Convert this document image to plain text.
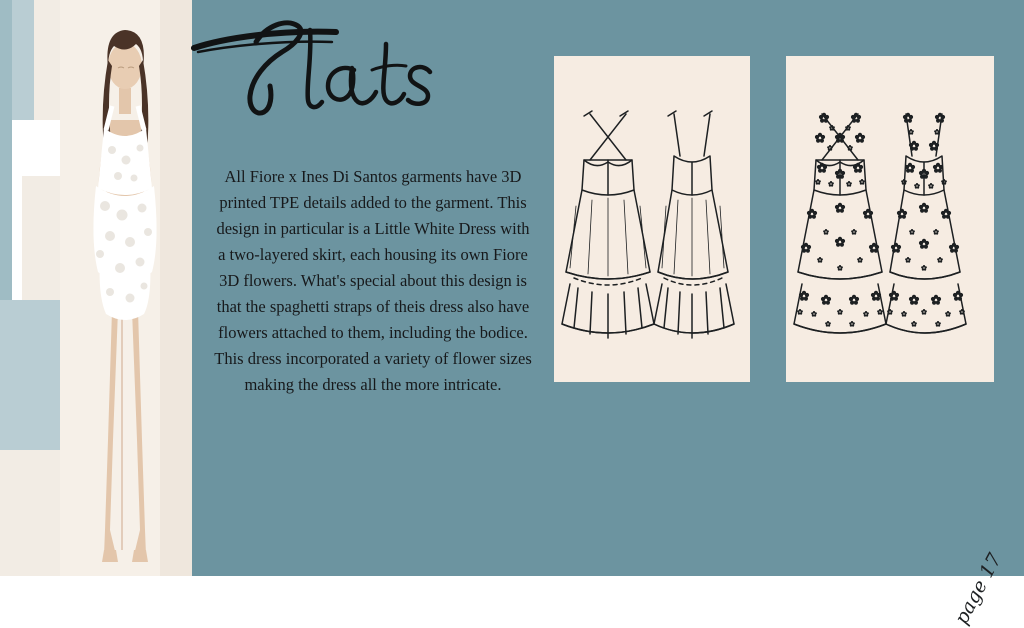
All Fiore x Ines Di Santos garments have 3D printed TPE details added to the garment. This design in particular is a Little White Dress with a two-layered skirt, each housing its own Fiore 3D flowers. What's special about this design is that the spaghetti straps of theis dress also have flowers attached to them, including the bodice. This dress incorporated a variety of flower sizes making the dress all the more intricate.
page 17
